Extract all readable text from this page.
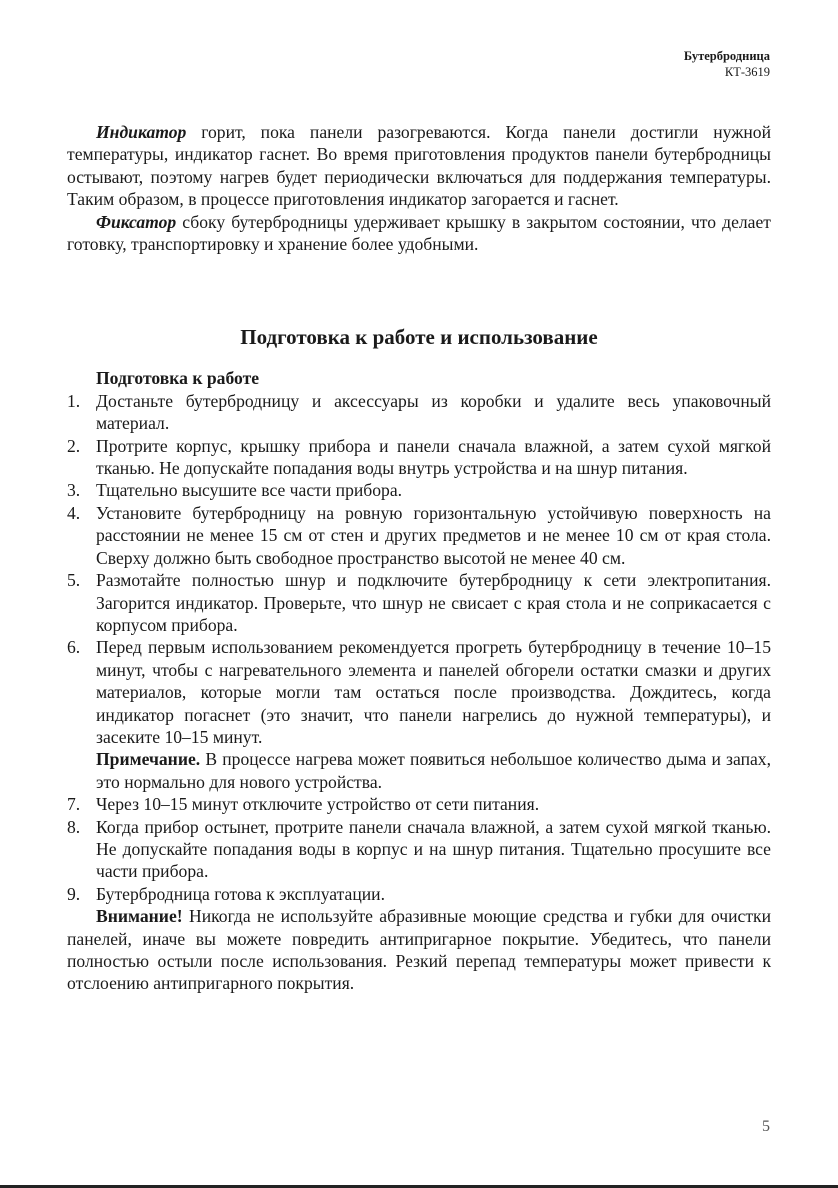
Бутербродница
КТ-3619

Индикатор горит, пока панели разогреваются. Когда панели достигли нужной температуры, индикатор гаснет. Во время приготовления продуктов панели бутербродницы остывают, поэтому нагрев будет периодически включаться для поддержания температуры. Таким образом, в процессе приготовления индикатор загорается и гаснет.

Фиксатор сбоку бутербродницы удерживает крышку в закрытом состоянии, что делает готовку, транспортировку и хранение более удобными.

Подготовка к работе и использование

Подготовка к работе

1. Достаньте бутербродницу и аксессуары из коробки и удалите весь упаковочный материал.
2. Протрите корпус, крышку прибора и панели сначала влажной, а затем сухой мягкой тканью. Не допускайте попадания воды внутрь устройства и на шнур питания.
3. Тщательно высушите все части прибора.
4. Установите бутербродницу на ровную горизонтальную устойчивую поверхность на расстоянии не менее 15 см от стен и других предметов и не менее 10 см от края стола. Сверху должно быть свободное пространство высотой не менее 40 см.
5. Размотайте полностью шнур и подключите бутербродницу к сети электропитания. Загорится индикатор. Проверьте, что шнур не свисает с края стола и не соприкасается с корпусом прибора.
6. Перед первым использованием рекомендуется прогреть бутербродницу в течение 10–15 минут, чтобы с нагревательного элемента и панелей обгорели остатки смазки и других материалов, которые могли там остаться после производства. Дождитесь, когда индикатор погаснет (это значит, что панели нагрелись до нужной температуры), и засеките 10–15 минут.

Примечание. В процессе нагрева может появиться небольшое количество дыма и запах, это нормально для нового устройства.

7. Через 10–15 минут отключите устройство от сети питания.
8. Когда прибор остынет, протрите панели сначала влажной, а затем сухой мягкой тканью. Не допускайте попадания воды в корпус и на шнур питания. Тщательно просушите все части прибора.
9. Бутербродница готова к эксплуатации.

Внимание! Никогда не используйте абразивные моющие средства и губки для очистки панелей, иначе вы можете повредить антипригарное покрытие. Убедитесь, что панели полностью остыли после использования. Резкий перепад температуры может привести к отслоению антипригарного покрытия.

5
